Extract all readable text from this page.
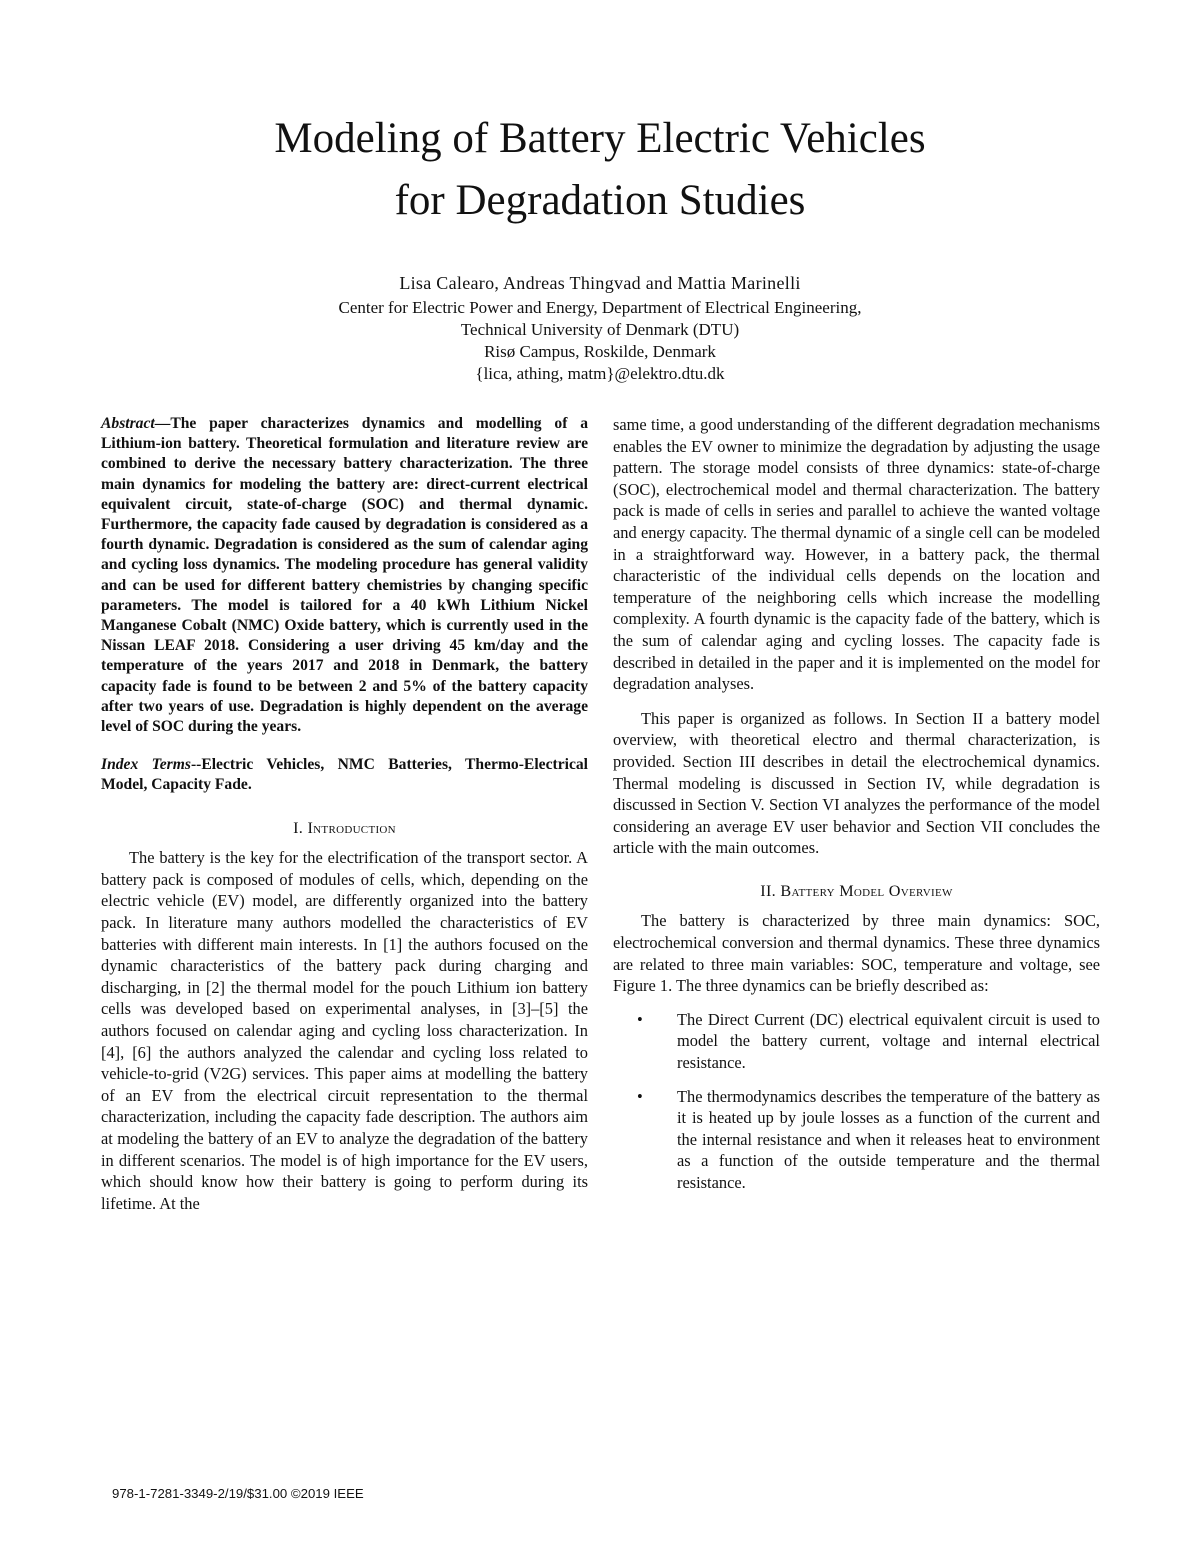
Modeling of Battery Electric Vehicles
for Degradation Studies
Lisa Calearo, Andreas Thingvad and Mattia Marinelli
Center for Electric Power and Energy, Department of Electrical Engineering,
Technical University of Denmark (DTU)
Risø Campus, Roskilde, Denmark
{lica, athing, matm}@elektro.dtu.dk
Abstract—The paper characterizes dynamics and modelling of a Lithium-ion battery. Theoretical formulation and literature review are combined to derive the necessary battery characterization. The three main dynamics for modeling the battery are: direct-current electrical equivalent circuit, state-of-charge (SOC) and thermal dynamic. Furthermore, the capacity fade caused by degradation is considered as a fourth dynamic. Degradation is considered as the sum of calendar aging and cycling loss dynamics. The modeling procedure has general validity and can be used for different battery chemistries by changing specific parameters. The model is tailored for a 40 kWh Lithium Nickel Manganese Cobalt (NMC) Oxide battery, which is currently used in the Nissan LEAF 2018. Considering a user driving 45 km/day and the temperature of the years 2017 and 2018 in Denmark, the battery capacity fade is found to be between 2 and 5% of the battery capacity after two years of use. Degradation is highly dependent on the average level of SOC during the years.
Index Terms--Electric Vehicles, NMC Batteries, Thermo-Electrical Model, Capacity Fade.
I. Introduction

The battery is the key for the electrification of the transport sector. A battery pack is composed of modules of cells, which, depending on the electric vehicle (EV) model, are differently organized into the battery pack. In literature many authors modelled the characteristics of EV batteries with different main interests. In [1] the authors focused on the dynamic characteristics of the battery pack during charging and discharging, in [2] the thermal model for the pouch Lithium ion battery cells was developed based on experimental analyses, in [3]–[5] the authors focused on calendar aging and cycling loss characterization. In [4], [6] the authors analyzed the calendar and cycling loss related to vehicle-to-grid (V2G) services. This paper aims at modelling the battery of an EV from the electrical circuit representation to the thermal characterization, including the capacity fade description. The authors aim at modeling the battery of an EV to analyze the degradation of the battery in different scenarios. The model is of high importance for the EV users, which should know how their battery is going to perform during its lifetime. At the

same time, a good understanding of the different degradation mechanisms enables the EV owner to minimize the degradation by adjusting the usage pattern. The storage model consists of three dynamics: state-of-charge (SOC), electrochemical model and thermal characterization. The battery pack is made of cells in series and parallel to achieve the wanted voltage and energy capacity. The thermal dynamic of a single cell can be modeled in a straightforward way. However, in a battery pack, the thermal characteristic of the individual cells depends on the location and temperature of the neighboring cells which increase the modelling complexity. A fourth dynamic is the capacity fade of the battery, which is the sum of calendar aging and cycling losses. The capacity fade is described in detailed in the paper and it is implemented on the model for degradation analyses.

This paper is organized as follows. In Section II a battery model overview, with theoretical electro and thermal characterization, is provided. Section III describes in detail the electrochemical dynamics. Thermal modeling is discussed in Section IV, while degradation is discussed in Section V. Section VI analyzes the performance of the model considering an average EV user behavior and Section VII concludes the article with the main outcomes.

II. Battery Model Overview

The battery is characterized by three main dynamics: SOC, electrochemical conversion and thermal dynamics. These three dynamics are related to three main variables: SOC, temperature and voltage, see Figure 1. The three dynamics can be briefly described as:

• The Direct Current (DC) electrical equivalent circuit is used to model the battery current, voltage and internal electrical resistance.
• The thermodynamics describes the temperature of the battery as it is heated up by joule losses as a function of the current and the internal resistance and when it releases heat to environment as a function of the outside temperature and the thermal resistance.
978-1-7281-3349-2/19/$31.00 ©2019 IEEE
